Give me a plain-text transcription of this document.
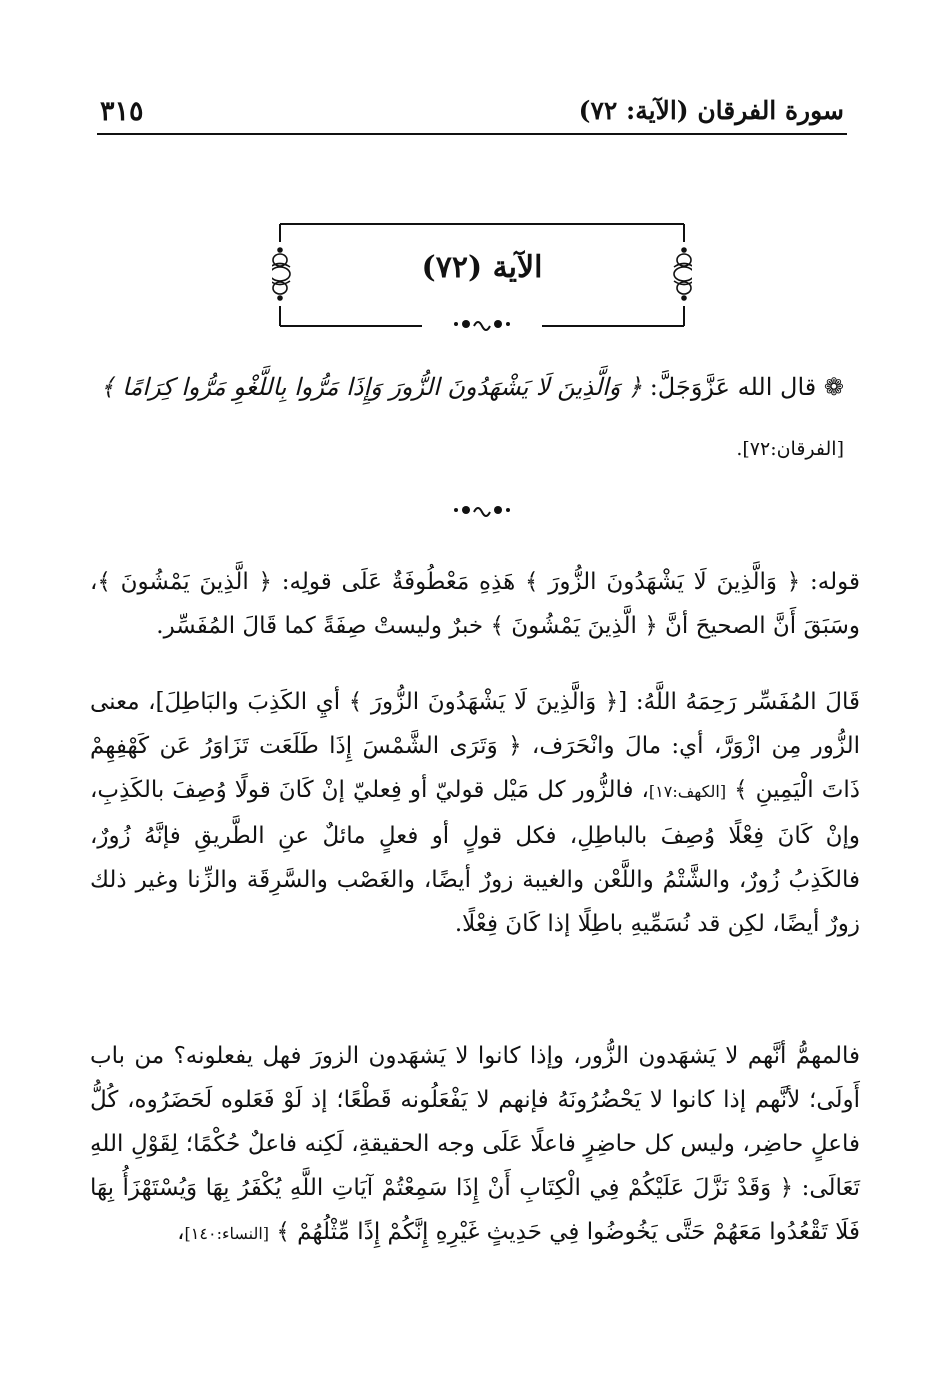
سورة الفرقان (الآية: ٧٢)
٣١٥
الآية (٧٢)
❁ قال الله عَزَّوَجَلَّ: ﴿ وَالَّذِينَ لَا يَشْهَدُونَ الزُّورَ وَإِذَا مَرُّوا بِاللَّغْوِ مَرُّوا كِرَامًا ﴾
[الفرقان:٧٢].
قوله: ﴿ وَالَّذِينَ لَا يَشْهَدُونَ الزُّورَ ﴾ هَذِهِ مَعْطُوفَةٌ عَلَى قولِه: ﴿ الَّذِينَ يَمْشُونَ ﴾، وسَبَقَ أَنَّ الصحيحَ أنَّ ﴿ الَّذِينَ يَمْشُونَ ﴾ خبرٌ وليستْ صِفَةً كما قَالَ المُفَسِّر.
قَالَ المُفَسِّر رَحِمَهُ اللَّهُ: [﴿ وَالَّذِينَ لَا يَشْهَدُونَ الزُّورَ ﴾ أيِ الكَذِبَ والبَاطِلَ]، معنى الزُّور مِن ازْوَرَّ، أي: مالَ وانْحَرَف، ﴿ وَتَرَى الشَّمْسَ إِذَا طَلَعَت تَزَاوَرُ عَن كَهْفِهِمْ ذَاتَ الْيَمِينِ ﴾ [الكهف:١٧]، فالزُّور كل مَيْل قوليّ أو فِعليّ إنْ كَانَ قولًا وُصِفَ بالكَذِبِ، وإنْ كَانَ فِعْلًا وُصِفَ بالباطِلِ، فكل قولٍ أو فعلٍ مائلٌ عنِ الطَّريقِ فإنَّهُ زُورٌ، فالكَذِبُ زُورٌ، والشَّتْمُ واللَّعْن والغيبة زورٌ أيضًا، والغَصْب والسَّرِقَة والزِّنا وغير ذلك زورٌ أيضًا، لكِن قد نُسَمِّيهِ باطِلًا إذا كَانَ فِعْلًا.
فالمهمُّ أنَّهم لا يَشهَدون الزُّور، وإذا كانوا لا يَشهَدون الزورَ فهل يفعلونه؟ من باب أَولَى؛ لأنَّهم إذا كانوا لا يَحْضُرُونَهُ فإنهم لا يَفْعَلُونه قَطْعًا؛ إذ لَوْ فَعَلوه لَحَضَرُوه، كُلُّ فاعلٍ حاضِر، وليس كل حاضِرٍ فاعلًا عَلَى وجه الحقيقةِ، لَكِنه فاعلٌ حُكْمًا؛ لِقَوْلِ اللهِ تَعَالَى: ﴿ وَقَدْ نَزَّلَ عَلَيْكُمْ فِي الْكِتَابِ أَنْ إِذَا سَمِعْتُمْ آيَاتِ اللَّهِ يُكْفَرُ بِهَا وَيُسْتَهْزَأُ بِهَا فَلَا تَقْعُدُوا مَعَهُمْ حَتَّى يَخُوضُوا فِي حَدِيثٍ غَيْرِهِ إِنَّكُمْ إِذًا مِّثْلُهُمْ ﴾ [النساء:١٤٠]،
